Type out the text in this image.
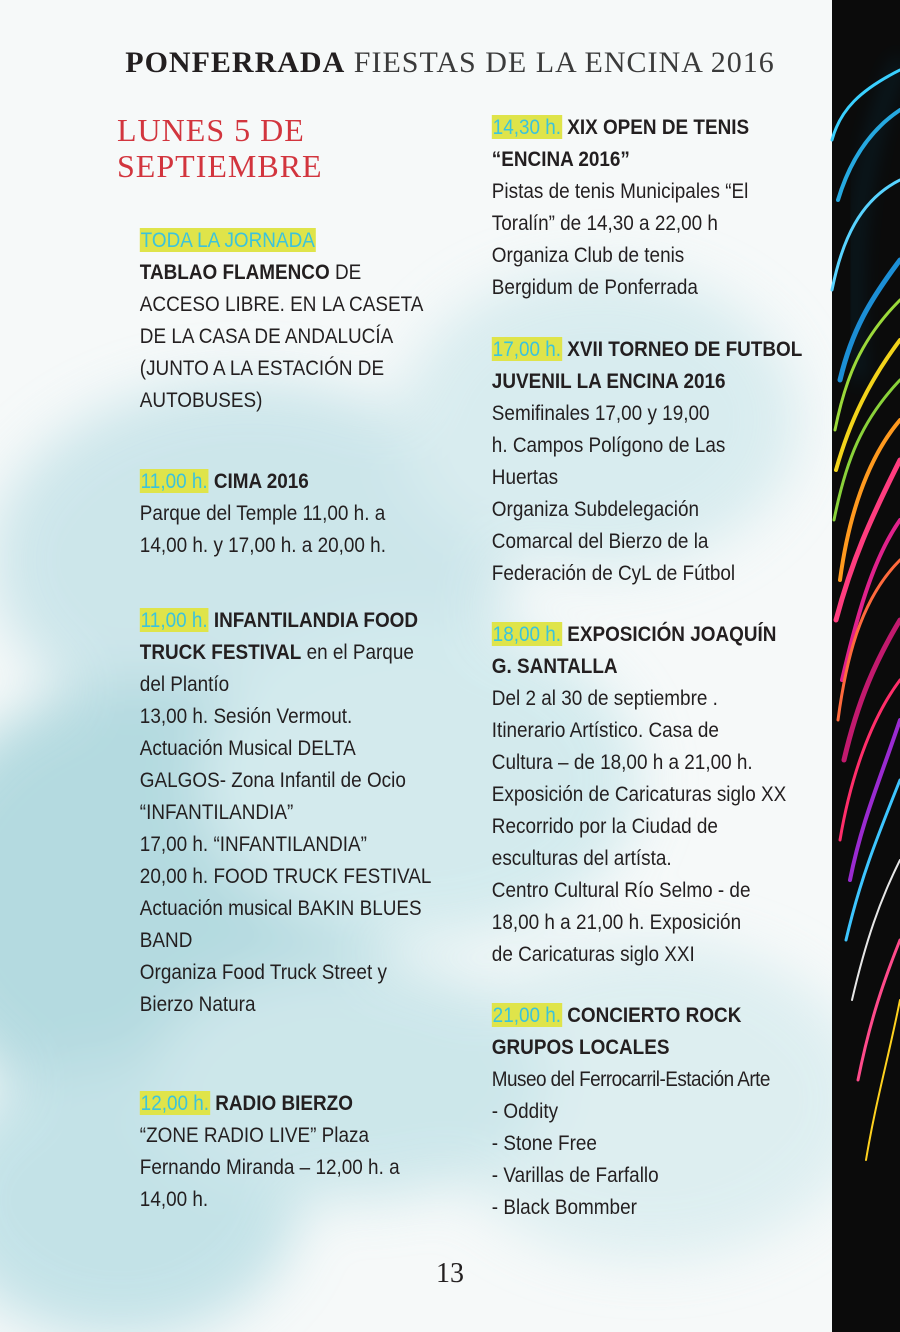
PONFERRADA FIESTAS DE LA ENCINA 2016
LUNES 5 DE
SEPTIEMBRE

TODA LA JORNADA

TABLAO FLAMENCO DE

ACCESO LIBRE. EN LA CASETA

DE LA CASA DE ANDALUCÍA

(JUNTO A LA ESTACIÓN DE

AUTOBUSES)

11,00 h. CIMA 2016

Parque del Temple 11,00 h. a

14,00 h. y 17,00 h. a 20,00 h.

11,00 h. INFANTILANDIA FOOD

TRUCK FESTIVAL en el Parque

del Plantío

13,00 h. Sesión Vermout.

Actuación Musical DELTA

GALGOS- Zona Infantil de Ocio

“INFANTILANDIA”

17,00 h. “INFANTILANDIA”

20,00 h. FOOD TRUCK FESTIVAL

Actuación musical BAKIN BLUES

BAND

Organiza Food Truck Street y

Bierzo Natura

12,00 h. RADIO BIERZO

“ZONE RADIO LIVE” Plaza

Fernando Miranda – 12,00 h. a

14,00 h.

14,30 h. XIX OPEN DE TENIS

“ENCINA 2016”

Pistas de tenis Municipales “El

Toralín” de 14,30 a 22,00 h

Organiza Club de tenis

Bergidum de Ponferrada

17,00 h. XVII TORNEO DE FUTBOL

JUVENIL LA ENCINA 2016

Semifinales 17,00 y 19,00

h. Campos Polígono de Las

Huertas

Organiza Subdelegación

Comarcal del Bierzo de la

Federación de CyL de Fútbol

18,00 h. EXPOSICIÓN JOAQUÍN

G. SANTALLA

Del 2 al 30 de septiembre .

Itinerario Artístico. Casa de

Cultura – de 18,00 h a 21,00 h.

Exposición de Caricaturas siglo XX

Recorrido por la Ciudad de

esculturas del artísta.

Centro Cultural Río Selmo - de

18,00 h a 21,00 h. Exposición

de Caricaturas siglo XXI

21,00 h. CONCIERTO ROCK

GRUPOS LOCALES

Museo del Ferrocarril-Estación Arte

- Oddity

- Stone Free

- Varillas de Farfallo

- Black Bommber

13
